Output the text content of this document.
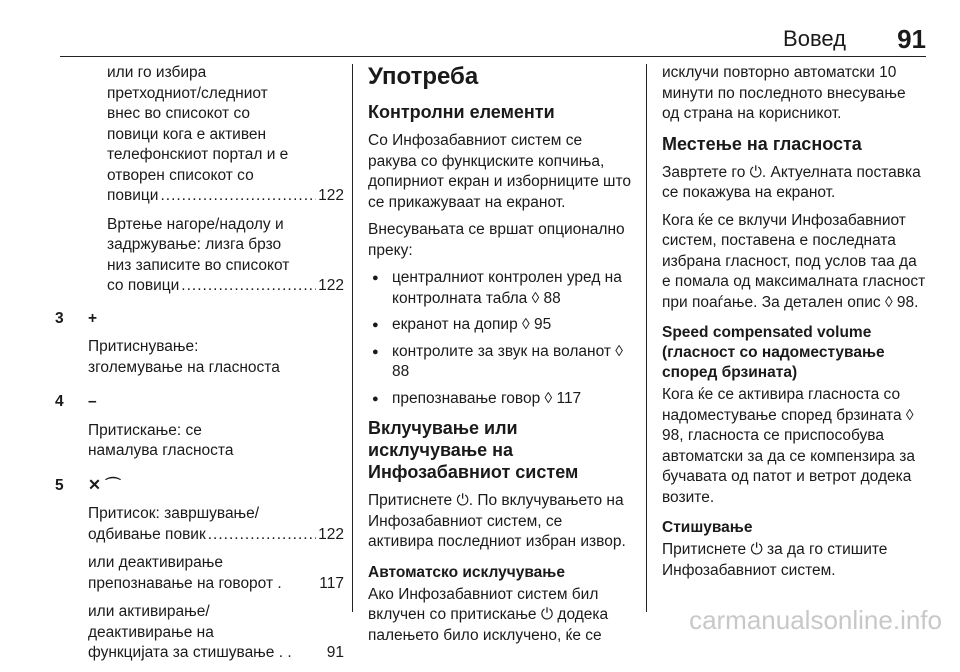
Вовед 91
или го избира
претходниот/следниот
внес во списокот со
повици кога е активен
телефонскиот портал и е
отворен списокот со
повици .....	122
Вртење нагоре/надолу и
задржување: лизга брзо
низ записите во списокот
со повици .....	122
3	+
Притиснување:
зголемување на гласноста
4	–
Притискање: се
намалува гласноста
5	✕ ⌒
Притисок: завршување/
одбивање повик .....	122
или деактивирање
препознавање на говорот . 117
или активирање/
деактивирање на
функцијата за стишување . . 91
Употреба
Контролни елементи

Со Инфозабавниот систем се ракува со функциските копчиња, допирниот екран и изборниците што се прикажуваат на екранот.

Внесувањата се вршат опционално преку:

● централниот контролен уред на контролната табла ◊ 88
● екранот на допир ◊ 95
● контролите за звук на воланот ◊ 88
● препознавање говор ◊ 117
Вклучување или исклучување на Инфозабавниот систем

Притиснете ⏻. По вклучувањето на Инфозабавниот систем, се активира последниот избран извор.

Автоматско исклучување

Ако Инфозабавниот систем бил вклучен со притискање ⏻ додека палењето било исклучено, ќе се

исклучи повторно автоматски 10 минути по последното внесување од страна на корисникот.

Местење на гласноста

Завртете го ⏻. Актуелната поставка се покажува на екранот.

Кога ќе се вклучи Инфозабавниот систем, поставена е последната избрана гласност, под услов таа да е помала од максималната гласност при поаѓање. За детален опис ◊ 98.

Speed compensated volume (гласност со надоместување според брзината)

Кога ќе се активира гласноста со надоместување според брзината ◊ 98, гласноста се приспособува автоматски за да се компензира за бучавата од патот и ветрот додека возите.

Стишување

Притиснете ⏻ за да го стишите Инфозабавниот систем.

carmanualsonline.info
